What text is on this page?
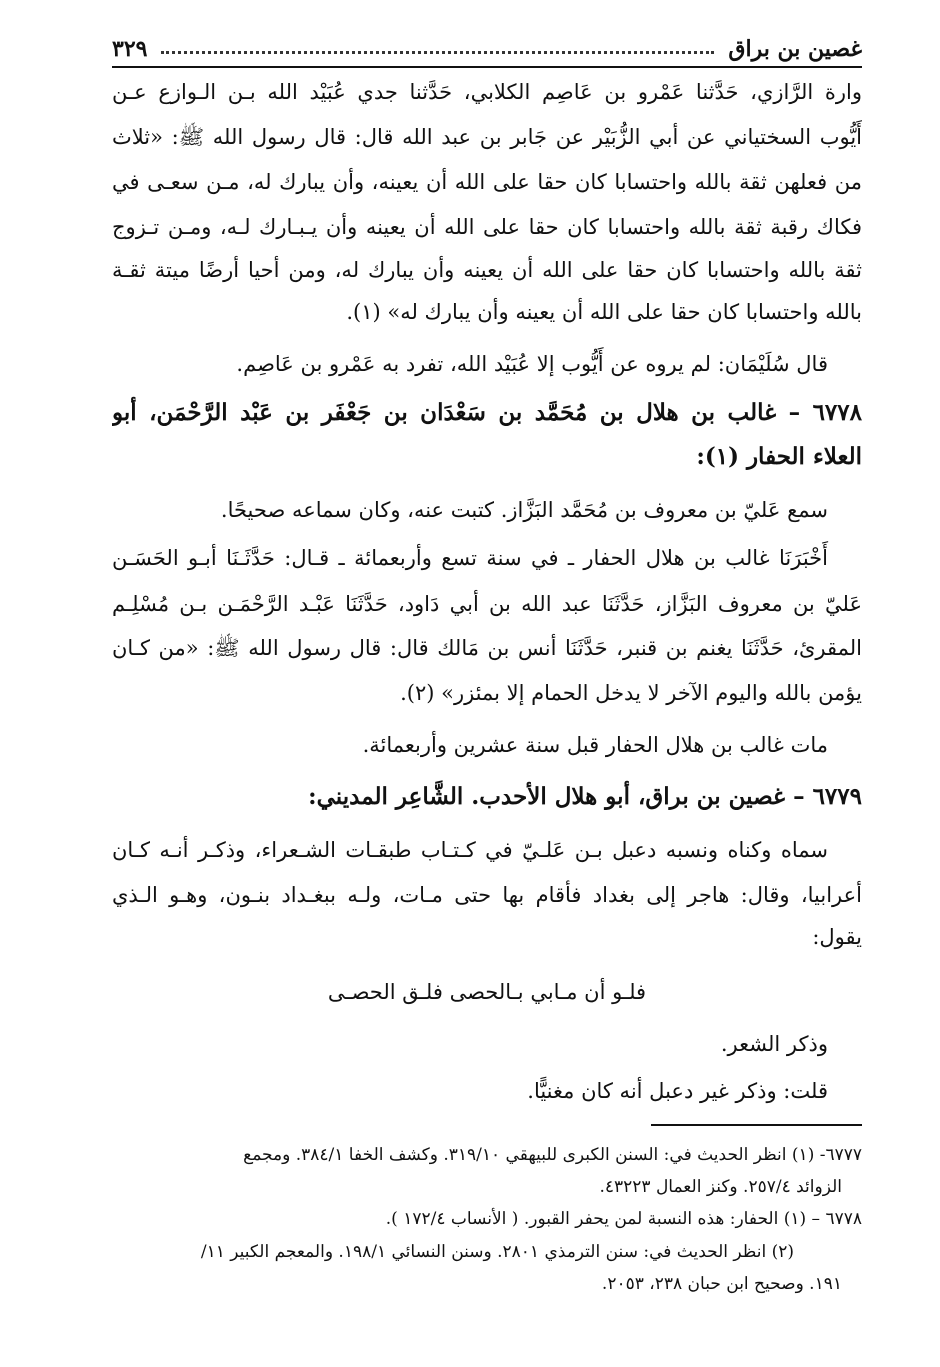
غصين بن براق
٣٢٩
وارة الرَّازي، حَدَّثنا عَمْرو بن عَاصِم الكلابي، حَدَّثنا جدي عُبَيْد الله بـن الـوازع عـن
أَيُّوب السختياني عن أبي الزُّبَيْر عن جَابر بن عبد الله قال: قال رسول الله ﷺ: «ثلاث
من فعلهن ثقة بالله واحتسابا كان حقا على الله أن يعينه، وأن يبارك له، مـن سعـى في
فكاك رقبة ثقة بالله واحتسابا كان حقا على الله أن يعينه وأن يـبـارك لـه، ومـن تـزوج
ثقة بالله واحتسابا كان حقا على الله أن يعينه وأن يبارك له، ومن أحيا أرضًا ميتة ثقـة
بالله واحتسابا كان حقا على الله أن يعينه وأن يبارك له» (١).
قال سُلَيْمَان: لم يروه عن أَيُّوب إلا عُبَيْد الله، تفرد به عَمْرو بن عَاصِم.
٦٧٧٨ – غالب بن هلال بن مُحَمَّد بن سَعْدَان بن جَعْفَر بن عَبْد الرَّحْمَن، أبو
العلاء الحفار (١):
سمع عَليّ بن معروف بن مُحَمَّد البَزَّاز. كتبت عنه، وكان سماعه صحيحًا.
أَخْبَرَنَا غالب بن هلال الحفار ـ في سنة تسع وأربعمائة ـ قـال: حَدَّثَـنَا أبـو الحَسَـن
عَليّ بن معروف البَزَّاز، حَدَّثَنَا عبد الله بن أبي دَاود، حَدَّثَنَا عَبْـد الرَّحْمَـن بـن مُسْلِـم
المقرئ، حَدَّثَنَا يغنم بن قنبر، حَدَّثَنَا أنس بن مَالك قال: قال رسول الله ﷺ: «من كـان
يؤمن بالله واليوم الآخر لا يدخل الحمام إلا بمئزر» (٢).
مات غالب بن هلال الحفار قبل سنة عشرين وأربعمائة.
٦٧٧٩ – غصين بن براق، أبو هلال الأحدب. الشَّاعِر المديني:
سماه وكناه ونسبه دعبل بـن عَلـيّ في كـتـاب طبقـات الشـعراء، وذكـر أنـه كـان
أعرابيا، وقال: هاجر إلى بغداد فأقام بها حتى مـات، ولـه ببغـداد بنـون، وهـو الـذي
يقول:
فلـو أن مـابي بـالحصى فلـق الحصـى
وذكر الشعر.
قلت: وذكر غير دعبل أنه كان مغنيًّا.
٦٧٧٧- (١) انظر الحديث في: السنن الكبرى للبيهقي ٣١٩/١٠. وكشف الخفا ٣٨٤/١. ومجمع
الزوائد ٢٥٧/٤. وكنز العمال ٤٣٢٢٣.
٦٧٧٨ – (١) الحفار: هذه النسبة لمن يحفر القبور. ( الأنساب ١٧٢/٤ ).
(٢) انظر الحديث في: سنن الترمذي ٢٨٠١. وسنن النسائي ١٩٨/١. والمعجم الكبير ١١/
١٩١. وصحيح ابن حبان ٢٣٨، ٢٠٥٣.
